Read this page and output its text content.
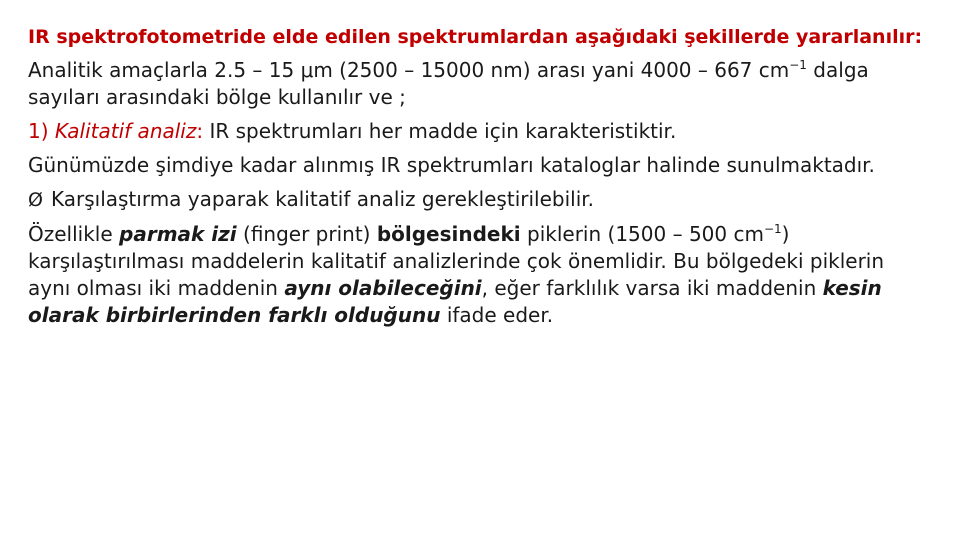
IR spektrofotometride elde edilen spektrumlardan aşağıdaki şekillerde yararlanılır:

Analitik amaçlarla 2.5 – 15 μm (2500 – 15000 nm) arası yani 4000 – 667 $cm^{-1}$ dalga sayıları arasındaki bölge kullanılır ve ;

1) Kalitatif analiz: IR spektrumları her madde için karakteristiktir.

Günümüzde şimdiye kadar alınmış IR spektrumları kataloglar halinde sunulmaktadır.

Ø Karşılaştırma yaparak kalitatif analiz gerekleştirilebilir.

Özellikle parmak izi (finger print) bölgesindeki piklerin (1500 – 500 $cm^{-1}$) karşılaştırılması maddelerin kalitatif analizlerinde çok önemlidir. Bu bölgedeki piklerin aynı olması iki maddenin aynı olabileceğini, eğer farklılık varsa iki maddenin kesin olarak birbirlerinden farklı olduğunu ifade eder.
